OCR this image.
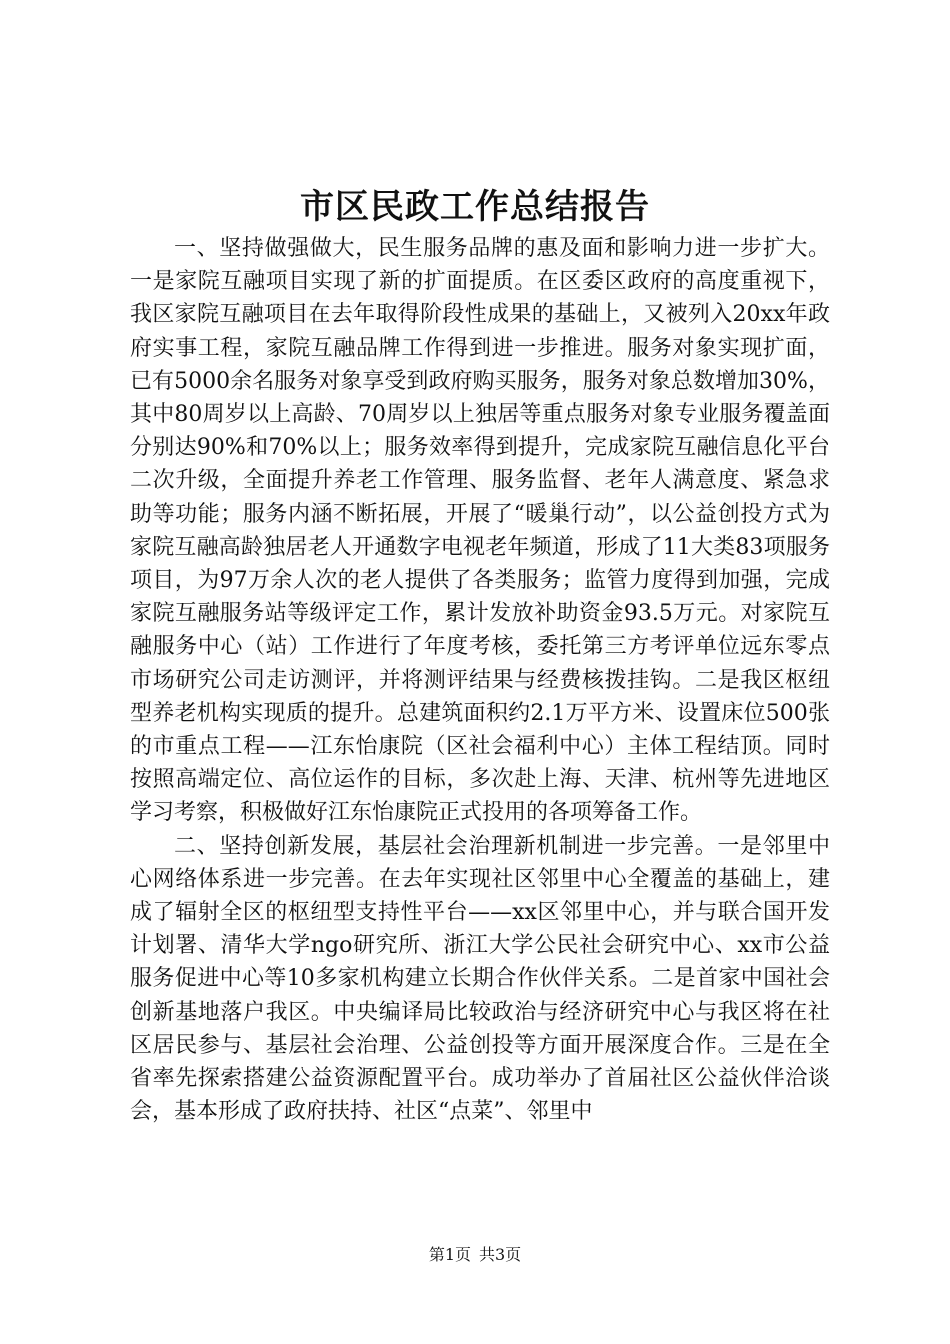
市区民政工作总结报告

一、坚持做强做大，民生服务品牌的惠及面和影响力进一步扩大。一是家院互融项目实现了新的扩面提质。在区委区政府的高度重视下，我区家院互融项目在去年取得阶段性成果的基础上，又被列入20xx年政府实事工程，家院互融品牌工作得到进一步推进。服务对象实现扩面，已有5000余名服务对象享受到政府购买服务，服务对象总数增加30%，其中80周岁以上高龄、70周岁以上独居等重点服务对象专业服务覆盖面分别达90%和70%以上；服务效率得到提升，完成家院互融信息化平台二次升级，全面提升养老工作管理、服务监督、老年人满意度、紧急求助等功能；服务内涵不断拓展，开展了“暖巢行动”，以公益创投方式为家院互融高龄独居老人开通数字电视老年频道，形成了11大类83项服务项目，为97万余人次的老人提供了各类服务；监管力度得到加强，完成家院互融服务站等级评定工作，累计发放补助资金93.5万元。对家院互融服务中心（站）工作进行了年度考核，委托第三方考评单位远东零点市场研究公司走访测评，并将测评结果与经费核拨挂钩。二是我区枢纽型养老机构实现质的提升。总建筑面积约2.1万平方米、设置床位500张的市重点工程——江东怡康院（区社会福利中心）主体工程结顶。同时按照高端定位、高位运作的目标，多次赴上海、天津、杭州等先进地区学习考察，积极做好江东怡康院正式投用的各项筹备工作。

二、坚持创新发展，基层社会治理新机制进一步完善。一是邻里中心网络体系进一步完善。在去年实现社区邻里中心全覆盖的基础上，建成了辐射全区的枢纽型支持性平台——xx区邻里中心，并与联合国开发计划署、清华大学ngo研究所、浙江大学公民社会研究中心、xx市公益服务促进中心等10多家机构建立长期合作伙伴关系。二是首家中国社会创新基地落户我区。中央编译局比较政治与经济研究中心与我区将在社区居民参与、基层社会治理、公益创投等方面开展深度合作。三是在全省率先探索搭建公益资源配置平台。成功举办了首届社区公益伙伴洽谈会，基本形成了政府扶持、社区“点菜”、邻里中

第1页 共3页
